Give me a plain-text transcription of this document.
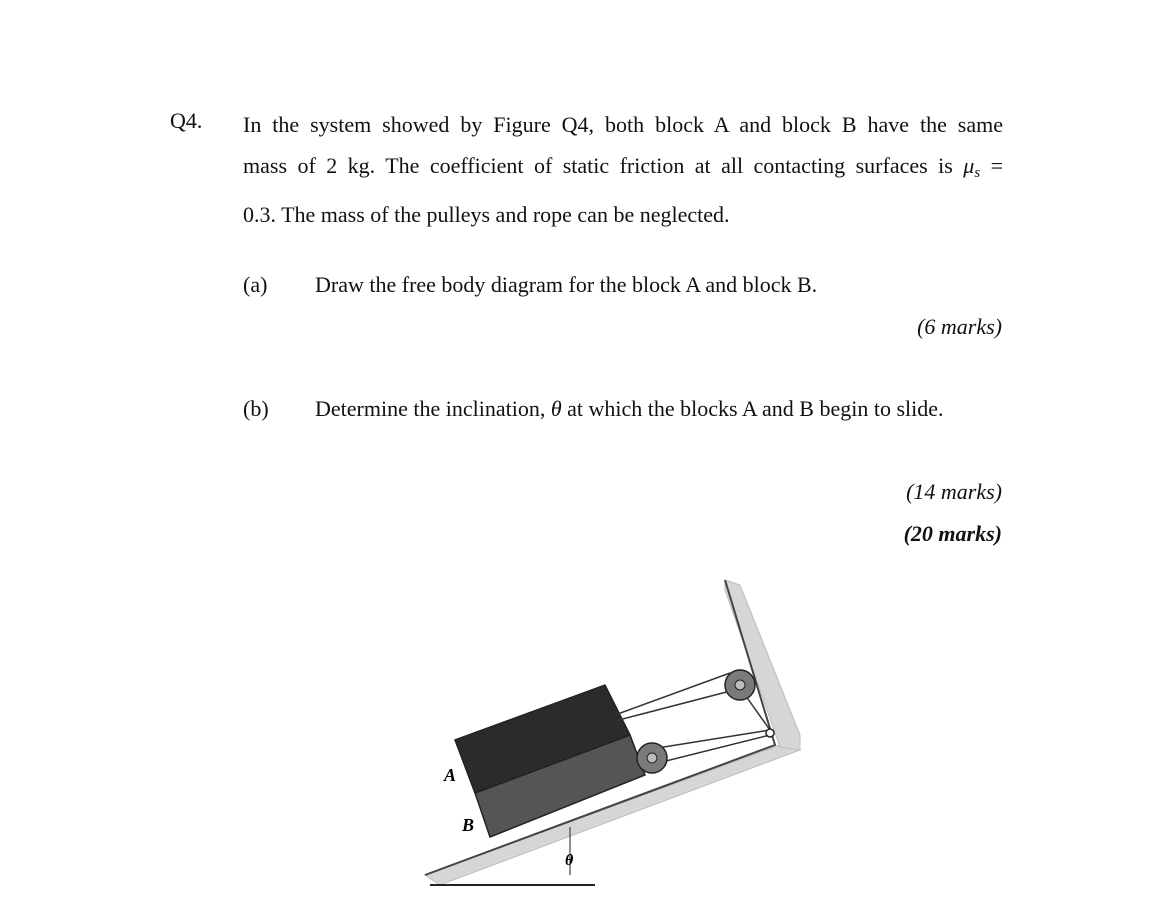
Q4. In the system showed by Figure Q4, both block A and block B have the same
mass of 2 kg. The coefficient of static friction at all contacting surfaces is $\mu_s$ =
0.3. The mass of the pulleys and rope can be neglected.
(a) Draw the free body diagram for the block A and block B.
(6 marks)
(b) Determine the inclination, θ at which the blocks A and B begin to slide.
(14 marks)
(20 marks)
θ
A
B
